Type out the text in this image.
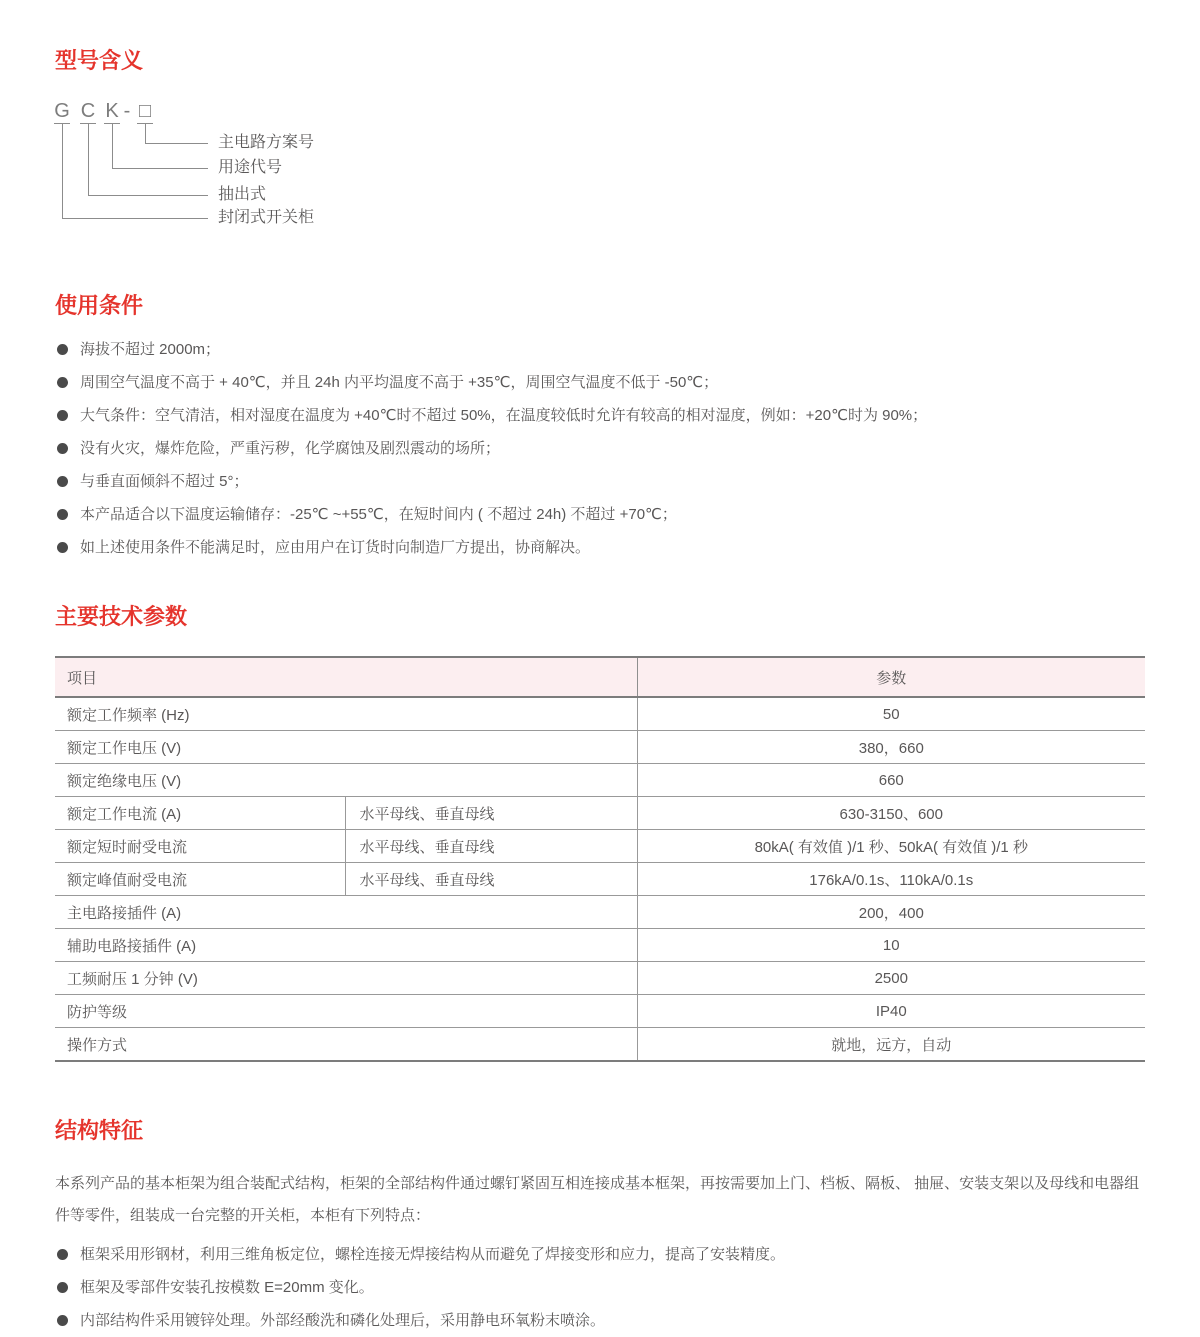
型号含义
G C K - □
主电路方案号
用途代号
抽出式
封闭式开关柜
使用条件
海拔不超过 2000m；
周围空气温度不高于 + 40℃，并且 24h 内平均温度不高于 +35℃，周围空气温度不低于 -50℃；
大气条件：空气清洁，相对湿度在温度为 +40℃时不超过 50%，在温度较低时允许有较高的相对湿度，例如：+20℃时为 90%；
没有火灾，爆炸危险，严重污秽，化学腐蚀及剧烈震动的场所；
与垂直面倾斜不超过 5°；
本产品适合以下温度运输储存：-25℃ ~+55℃，在短时间内 ( 不超过 24h) 不超过 +70℃；
如上述使用条件不能满足时，应由用户在订货时向制造厂方提出，协商解决。
主要技术参数
项目		参数
额定工作频率 (Hz)		50
额定工作电压 (V)		380，660
额定绝缘电压 (V)		660
额定工作电流 (A)	水平母线、垂直母线	630-3150、600
额定短时耐受电流	水平母线、垂直母线	80kA( 有效值 )/1 秒、50kA( 有效值 )/1 秒
额定峰值耐受电流	水平母线、垂直母线	176kA/0.1s、110kA/0.1s
主电路接插件 (A)		200，400
辅助电路接插件 (A)		10
工频耐压 1 分钟 (V)		2500
防护等级		IP40
操作方式		就地，远方，自动
结构特征

本系列产品的基本柜架为组合装配式结构，柜架的全部结构件通过螺钉紧固互相连接成基本框架，再按需要加上门、档板、隔板、 抽屉、安装支架以及母线和电器组件等零件，组装成一台完整的开关柜，本柜有下列特点：

框架采用形钢材，利用三维角板定位，螺栓连接无焊接结构从而避免了焊接变形和应力，提高了安装精度。
框架及零部件安装孔按模数 E=20mm 变化。
内部结构件采用镀锌处理。外部经酸洗和磷化处理后，采用静电环氧粉末喷涂。
